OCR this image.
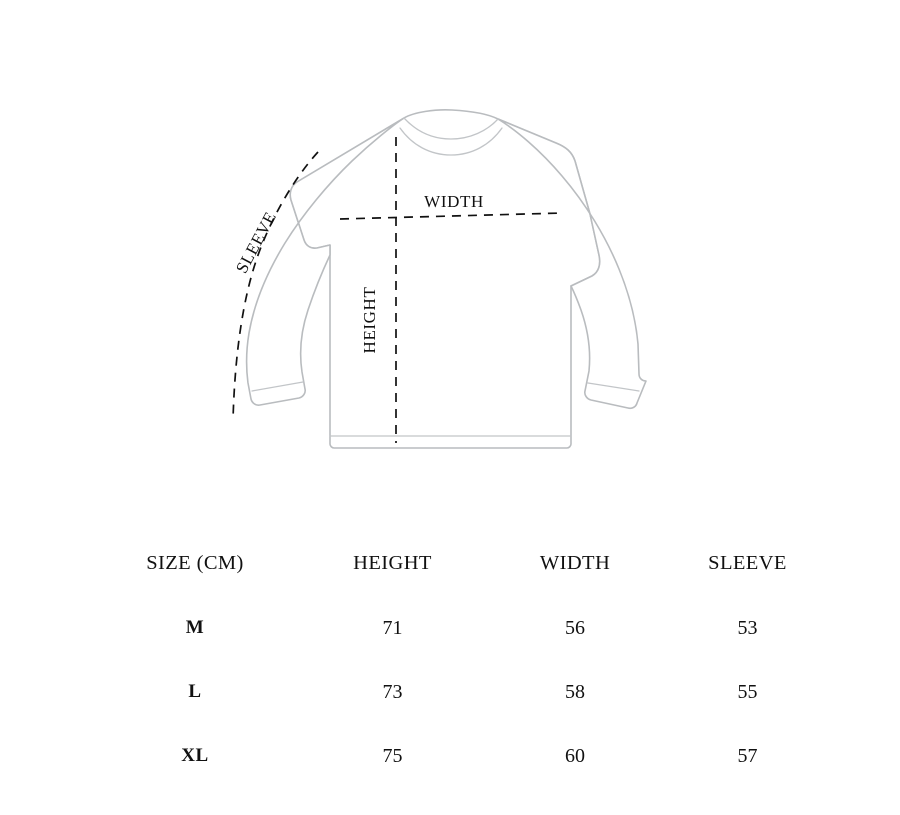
WIDTH
HEIGHT
SLEEVE
SIZE (CM)	HEIGHT	WIDTH	SLEEVE
M	71	56	53
L	73	58	55
XL	75	60	57
